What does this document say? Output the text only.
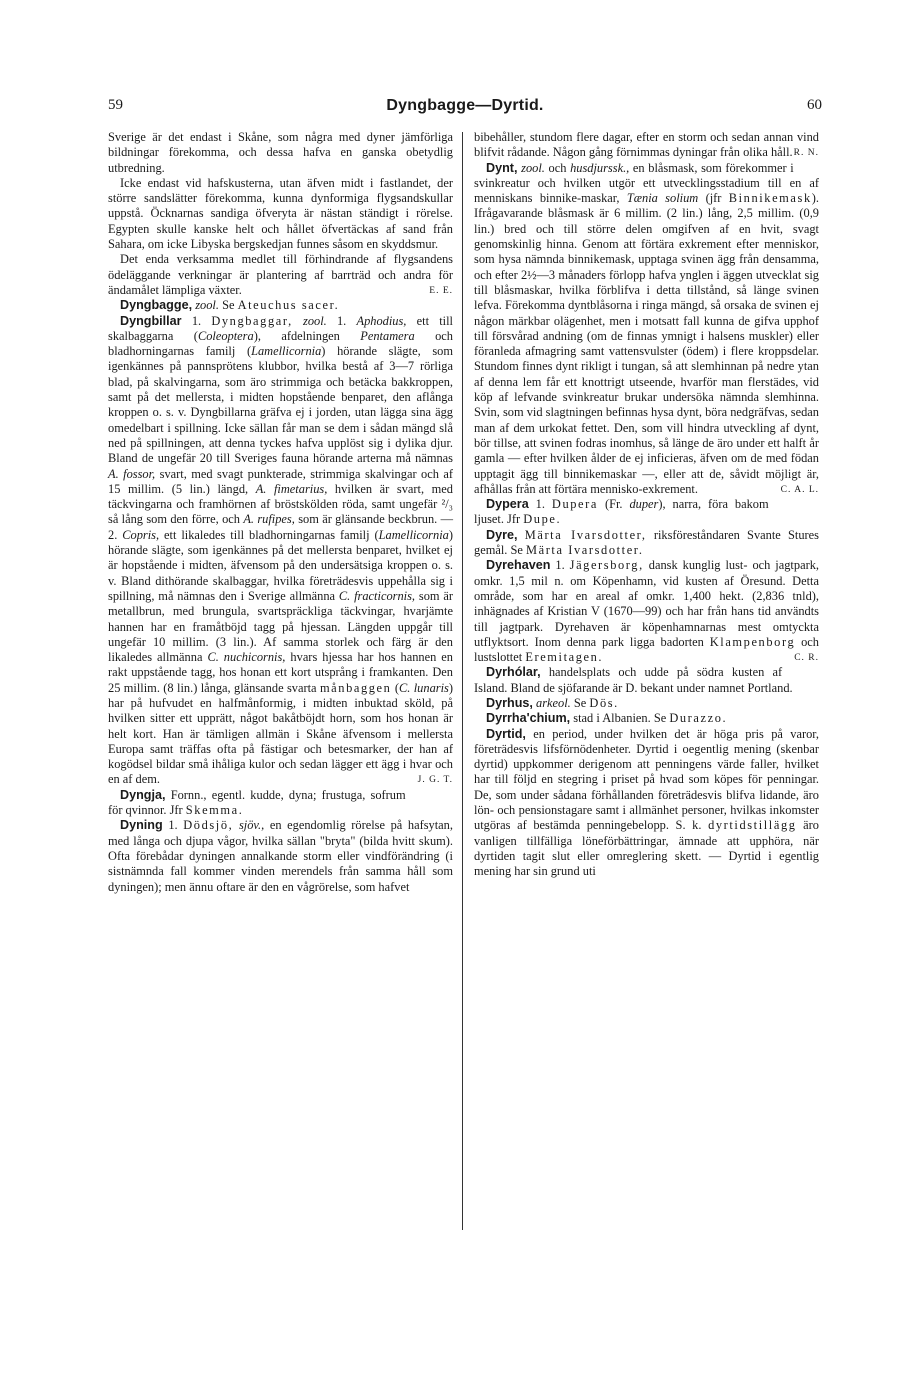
59	Dyngbagge—Dyrtid.	60

Sverige är det endast i Skåne, som några med dyner jämförliga bildningar förekomma, och dessa hafva en ganska obetydlig utbredning.

Icke endast vid hafskusterna, utan äfven midt i fastlandet, der större sandslätter förekomma, kunna dynformiga flygsandskullar uppstå. Öcknarnas sandiga öfveryta är nästan ständigt i rörelse. Egypten skulle kanske helt och hållet öfvertäckas af sand från Sahara, om icke Libyska bergskedjan funnes såsom en skyddsmur.

Det enda verksamma medlet till förhindrande af flygsandens ödeläggande verkningar är plantering af barrträd och andra för ändamålet lämpliga växter.	E. E.

Dyngbagge, zool. Se Ateuchus sacer.

Dyngbillar 1. Dyngbaggar, zool. 1. Aphodius, ett till skalbaggarna (Coleoptera), afdelningen Pentamera och bladhorningarnas familj (Lamellicornia) hörande slägte, som igenkännes på pannsprötens klubbor, hvilka bestå af 3—7 rörliga blad, på skalvingarna, som äro strimmiga och betäcka bakkroppen, samt på det mellersta, i midten hopstående benparet, den aflånga kroppen o. s. v. Dyngbillarna gräfva ej i jorden, utan lägga sina ägg omedelbart i spillning. Icke sällan får man se dem i sådan mängd slå ned på spillningen, att denna tyckes hafva upplöst sig i dylika djur. Bland de ungefär 20 till Sveriges fauna hörande arterna må nämnas A. fossor, svart, med svagt punkterade, strimmiga skalvingar och af 15 millim. (5 lin.) längd, A. fimetarius, hvilken är svart, med täckvingarna och framhörnen af bröstskölden röda, samt ungefär ²/₃ så lång som den förre, och A. rufipes, som är glänsande beckbrun. — 2. Copris, ett likaledes till bladhorningarnas familj (Lamellicornia) hörande slägte, som igenkännes på det mellersta benparet, hvilket ej är hopstående i midten, äfvensom på den undersätsiga kroppen o. s. v. Bland dithörande skalbaggar, hvilka företrädesvis uppehålla sig i spillning, må nämnas den i Sverige allmänna C. fracticornis, som är metallbrun, med brungula, svartspräckliga täckvingar, hvarjämte hannen har en framåtböjd tagg på hjessan. Längden uppgår till ungefär 10 millim. (3 lin.). Af samma storlek och färg är den likaledes allmänna C. nuchicornis, hvars hjessa har hos hannen en rakt uppstående tagg, hos honan ett kort utsprång i framkanten. Den 25 millim. (8 lin.) långa, glänsande svarta månbaggen (C. lunaris) har på hufvudet en halfmånformig, i midten inbuktad sköld, på hvilken sitter ett upprätt, något bakåtböjdt horn, som hos honan är helt kort. Han är tämligen allmän i Skåne äfvensom i mellersta Europa samt träffas ofta på fästigar och betesmarker, der han af kogödsel bildar små ihåliga kulor och sedan lägger ett ägg i hvar och en af dem.	J. G. T.

Dyngja, Fornn., egentl. kudde, dyna; frustuga, sofrum för qvinnor. Jfr Skemma.

Dyning 1. Dödsjö, sjöv., en egendomlig rörelse på hafsytan, med långa och djupa vågor, hvilka sällan "bryta" (bilda hvitt skum). Ofta förebådar dyningen annalkande storm eller vindförändring (i sistnämnda fall kommer vinden merendels från samma håll som dyningen); men ännu oftare är den en vågrörelse, som hafvet

bibehåller, stundom flere dagar, efter en storm och sedan annan vind blifvit rådande. Någon gång förnimmas dyningar från olika håll. R. N.

Dynt, zool. och husdjurssk., en blåsmask, som förekommer i svinkreatur och hvilken utgör ett utvecklingsstadium till en af menniskans binnike-maskar, Tænia solium (jfr Binnikemask). Ifrågavarande blåsmask är 6 millim. (2 lin.) lång, 2,5 millim. (0,9 lin.) bred och till större delen omgifven af en hvit, svagt genomskinlig hinna. Genom att förtära exkrement efter menniskor, som hysa nämnda binnikemask, upptaga svinen ägg från densamma, och efter 2½—3 månaders förlopp hafva ynglen i äggen utvecklat sig till blåsmaskar, hvilka förblifva i detta tillstånd, så länge svinen lefva. Förekomma dyntblåsorna i ringa mängd, så orsaka de svinen ej någon märkbar olägenhet, men i motsatt fall kunna de gifva upphof till försvårad andning (om de finnas ymnigt i halsens muskler) eller föranleda afmagring samt vattensvulster (ödem) i flere kroppsdelar. Stundom finnes dynt rikligt i tungan, så att slemhinnan på nedre ytan af denna lem får ett knottrigt utseende, hvarför man flerstädes, vid köp af lefvande svinkreatur brukar undersöka nämnda slemhinna. Svin, som vid slagtningen befinnas hysa dynt, böra nedgräfvas, sedan man af dem urkokat fettet. Den, som vill hindra utveckling af dynt, bör tillse, att svinen fodras inomhus, så länge de äro under ett halft år gamla — efter hvilken ålder de ej inficieras, äfven om de med födan upptagit ägg till binnikemaskar —, eller att de, såvidt möjligt är, afhållas från att förtära mennisko-exkrement.	C. A. L.

Dypera 1. Dupera (Fr. duper), narra, föra bakom ljuset. Jfr Dupe.

Dyre, Märta Ivarsdotter, riksföreståndaren Svante Stures gemål. Se Märta Ivarsdotter.

Dyrehaven 1. Jägersborg, dansk kunglig lust- och jagtpark, omkr. 1,5 mil n. om Köpenhamn, vid kusten af Öresund. Detta område, som har en areal af omkr. 1,400 hekt. (2,836 tnld), inhägnades af Kristian V (1670—99) och har från hans tid användts till jagtpark. Dyrehaven är köpenhamnarnas mest omtyckta utflyktsort. Inom denna park ligga badorten Klampenborg och lustslottet Eremitagen.	C. R.

Dyrhólar, handelsplats och udde på södra kusten af Island. Bland de sjöfarande är D. bekant under namnet Portland.

Dyrhus, arkeol. Se Dös.

Dyrrha'chium, stad i Albanien. Se Durazzo.

Dyrtid, en period, under hvilken det är höga pris på varor, företrädesvis lifsförnödenheter. Dyrtid i oegentlig mening (skenbar dyrtid) uppkommer derigenom att penningens värde faller, hvilket har till följd en stegring i priset på hvad som köpes för penningar. De, som under sådana förhållanden företrädesvis blifva lidande, äro lön- och pensionstagare samt i allmänhet personer, hvilkas inkomster utgöras af bestämda penningebelopp. S. k. dyrtidstillägg äro vanligen tillfälliga löneförbättringar, ämnade att upphöra, när dyrtiden tagit slut eller omreglering skett. — Dyrtid i egentlig mening har sin grund uti
